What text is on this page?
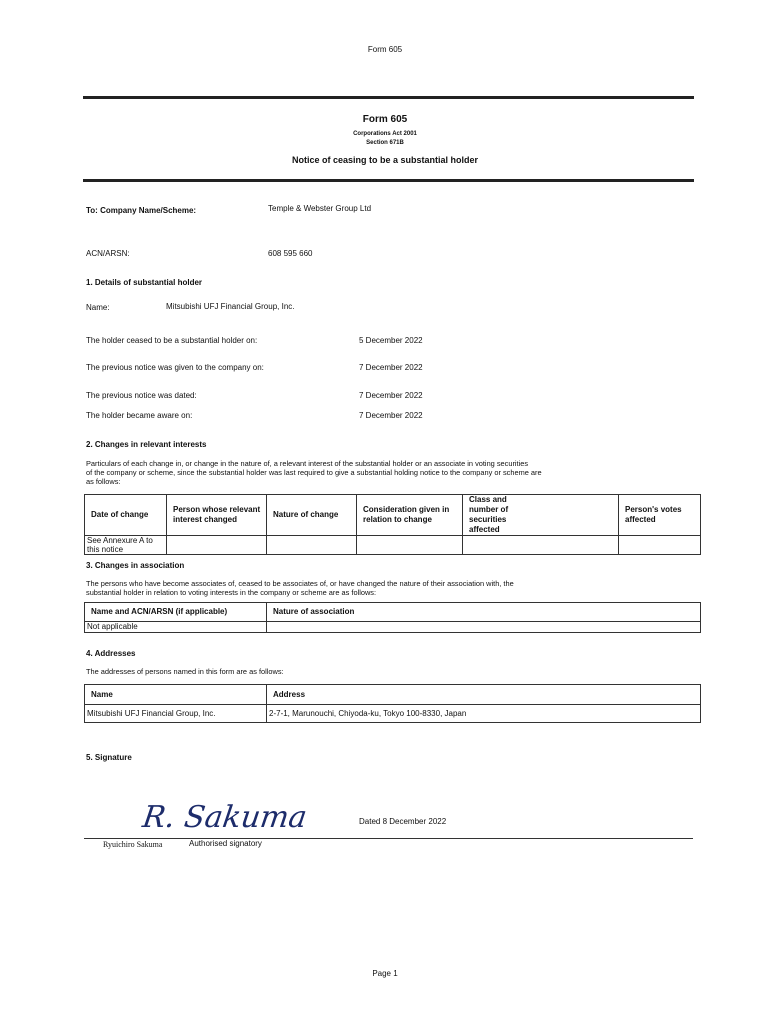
Form 605
Form 605
Corporations Act 2001
Section 671B
Notice of ceasing to be a substantial holder
To: Company Name/Scheme:	Temple & Webster Group Ltd
ACN/ARSN:	608 595 660
1. Details of substantial holder
Name:	Mitsubishi UFJ Financial Group, Inc.
The holder ceased to be a substantial holder on:	5 December 2022
The previous notice was given to the company on:	7 December 2022
The previous notice was dated:	7 December 2022
The holder became aware on:	7 December 2022
2. Changes in relevant interests
Particulars of each change in, or change in the nature of, a relevant interest of the substantial holder or an associate in voting securities
of the company or scheme, since the substantial holder was last required to give a substantial holding notice to the company or scheme are
as follows:
Date of change	Person whose relevant interest changed	Nature of change	Consideration given in relation to change	Class and number of securities affected	Person's votes affected
See Annexure A to this notice					
3. Changes in association
The persons who have become associates of, ceased to be associates of, or have changed the nature of their association with, the
substantial holder in relation to voting interests in the company or scheme are as follows:
Name and ACN/ARSN (if applicable)	Nature of association
Not applicable	
4. Addresses
The addresses of persons named in this form are as follows:
Name	Address
Mitsubishi UFJ Financial Group, Inc.	2-7-1, Marunouchi, Chiyoda-ku, Tokyo 100-8330, Japan
5. Signature
R. Sakuma	Dated 8 December 2022
Ryuichiro Sakuma	Authorised signatory
Page 1
